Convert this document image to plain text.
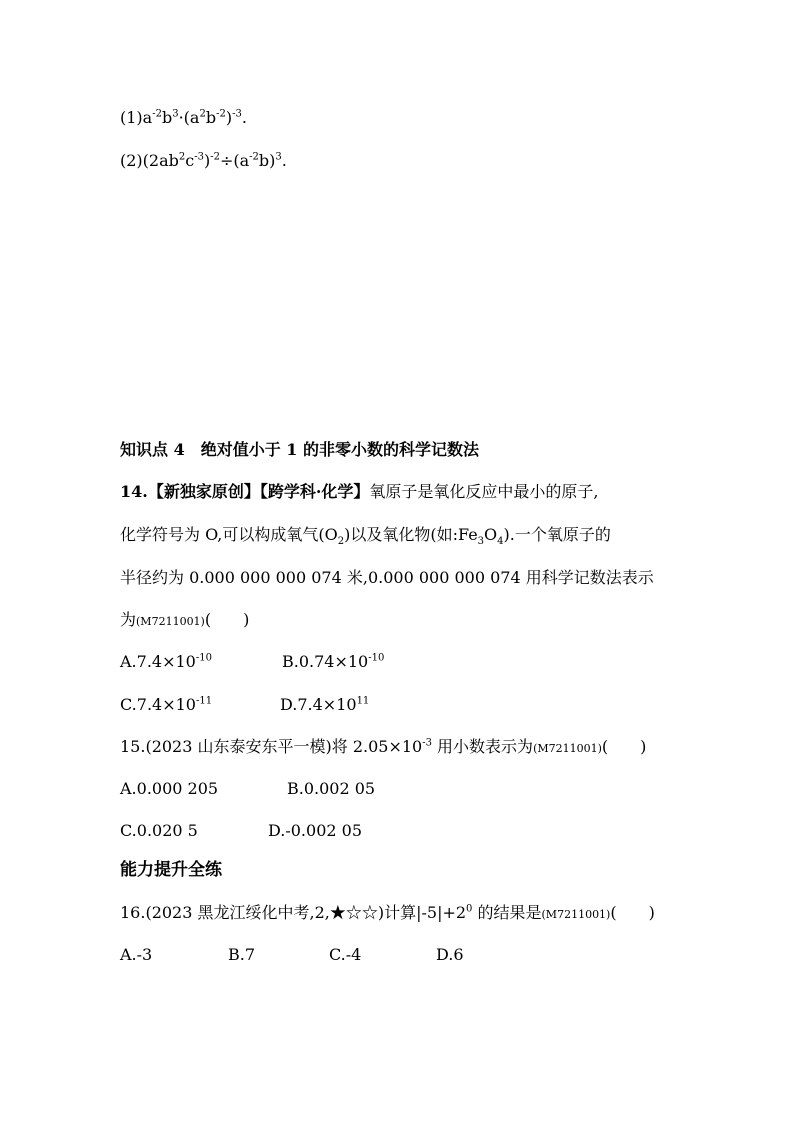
$(1)a^{-2}b^3\cdot(a^2b^{-2})^{-3}$.
$(2)(2ab^2c^{-3})^{-2}\div(a^{-2}b)^3$.
知识点 4　绝对值小于 1 的非零小数的科学记数法
14.【新独家原创】【跨学科·化学】氧原子是氧化反应中最小的原子,
化学符号为 O,可以构成氧气$(O_2)$以及氧化物(如$:Fe_3O_4$).一个氧原子的
半径约为 0.000 000 000 074 米,0.000 000 000 074 用科学记数法表示
为(M7211001)(　　)
$A.7.4\times 10^{-10}$	$B.0.74\times 10^{-10}$
$C.7.4\times 10^{-11}$	$D.7.4\times 10^{11}$
15.(2023 山东泰安东平一模)将 $2.05\times 10^{-3}$ 用小数表示为(M7211001)(　　)
A.0.000 205	B.0.002 05
C.0.020 5	D.-0.002 05
能力提升全练
16.(2023 黑龙江绥化中考,2,★☆☆)计算$|-5|+2^0$ 的结果是(M7211001)(　　)
A.-3	B.7	C.-4	D.6
